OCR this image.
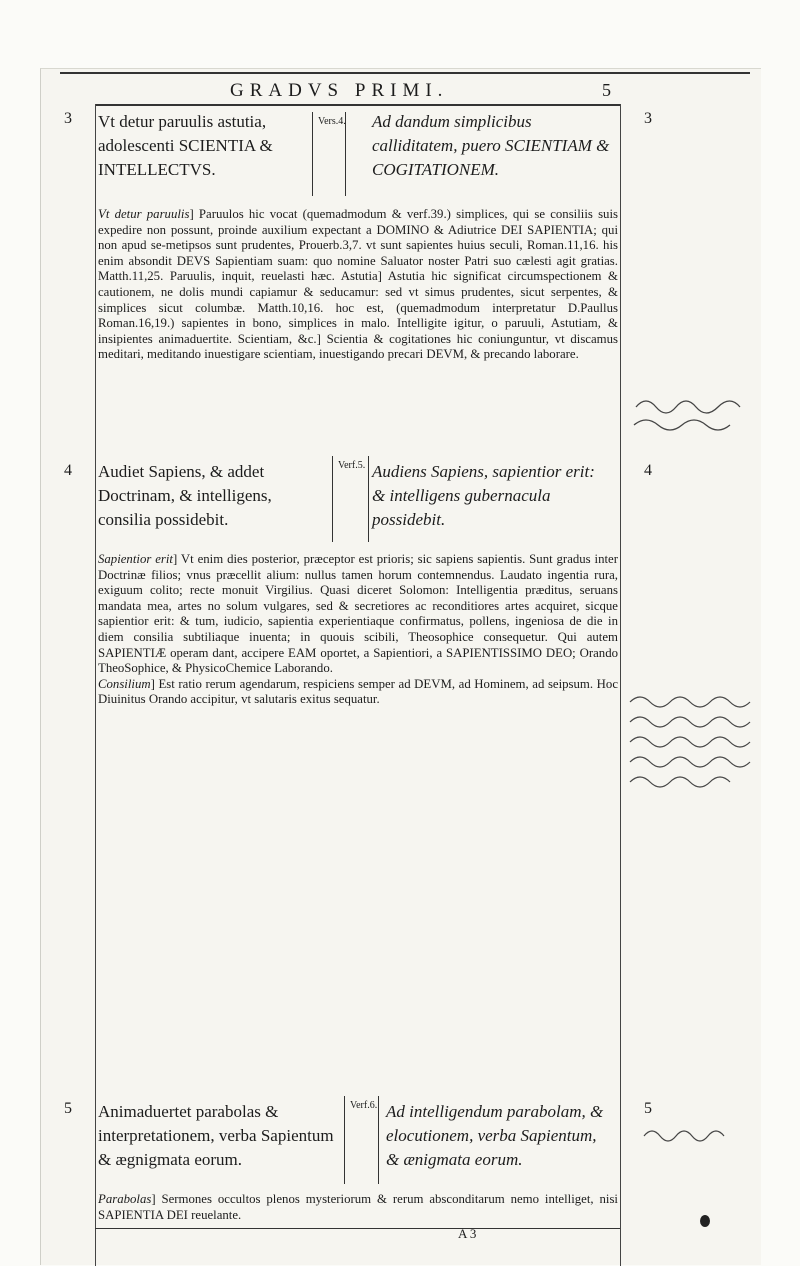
GRADVS PRIMI.	5
3	3
Vers.4.

Vt detur paruulis astutia, adolescenti SCIENTIA & INTELLECTVS.

Ad dandum simplicibus calliditatem, puero SCIENTIAM & COGITATIONEM.

Vt detur paruulis] Paruulos hic vocat (quemadmodum & verf.39.) simplices, qui se consiliis suis expedire non possunt, proinde auxilium expectant a DOMINO & Adiutrice DEI SAPIENTIA; qui non apud se-metipsos sunt prudentes, Prouerb.3,7. vt sunt sapientes huius seculi, Roman.11,16. his enim absondit DEVS Sapientiam suam: quo nomine Saluator noster Patri suo cælesti agit gratias. Matth.11,25. Paruulis, inquit, reuelasti hæc. Astutia] Astutia hic significat circumspectionem & cautionem, ne dolis mundi capiamur & seducamur: sed vt simus prudentes, sicut serpentes, & simplices sicut columbæ. Matth.10,16. hoc est, (quemadmodum interpretatur D.Paullus Roman.16,19.) sapientes in bono, simplices in malo. Intelligite igitur, o paruuli, Astutiam, & insipientes animaduertite. Scientiam, &c.] Scientia & cogitationes hic coniunguntur, vt discamus meditari, meditando inuestigare scientiam, inuestigando precari DEVM, & precando laborare.

4	4
Verf.5.

Audiet Sapiens, & addet Doctrinam, & intelligens, consilia possidebit.

Audiens Sapiens, sapientior erit: & intelligens gubernacula possidebit.

Sapientior erit] Vt enim dies posterior, præceptor est prioris; sic sapiens sapientis. Sunt gradus inter Doctrinæ filios; vnus præcellit alium: nullus tamen horum contemnendus. Laudato ingentia rura, exiguum colito; recte monuit Virgilius. Quasi diceret Solomon: Intelligentia præditus, seruans mandata mea, artes no solum vulgares, sed & secretiores ac reconditiores artes acquiret, sicque sapientior erit: & tum, iudicio, sapientia experientiaque confirmatus, pollens, ingeniosa de die in diem consilia subtiliaque inuenta; in quouis scibili, Theosophice consequetur. Qui autem SAPIENTIÆ operam dant, accipere EAM oportet, a Sapientiori, a SAPIENTISSIMO DEO; Orando TheoSophice, & PhysicoChemice Laborando.

Consilium] Est ratio rerum agendarum, respiciens semper ad DEVM, ad Hominem, ad seipsum. Hoc Diuinitus Orando accipitur, vt salutaris exitus sequatur.

5	5
Verf.6.

Animaduertet parabolas & interpretationem, verba Sapientum & ægnigmata eorum.

Ad intelligendum parabolam, & elocutionem, verba Sapientum, & ænigmata eorum.

Parabolas] Sermones occultos plenos mysteriorum & rerum absconditarum nemo intelliget, nisi SAPIENTIA DEI reuelante.

A 3
